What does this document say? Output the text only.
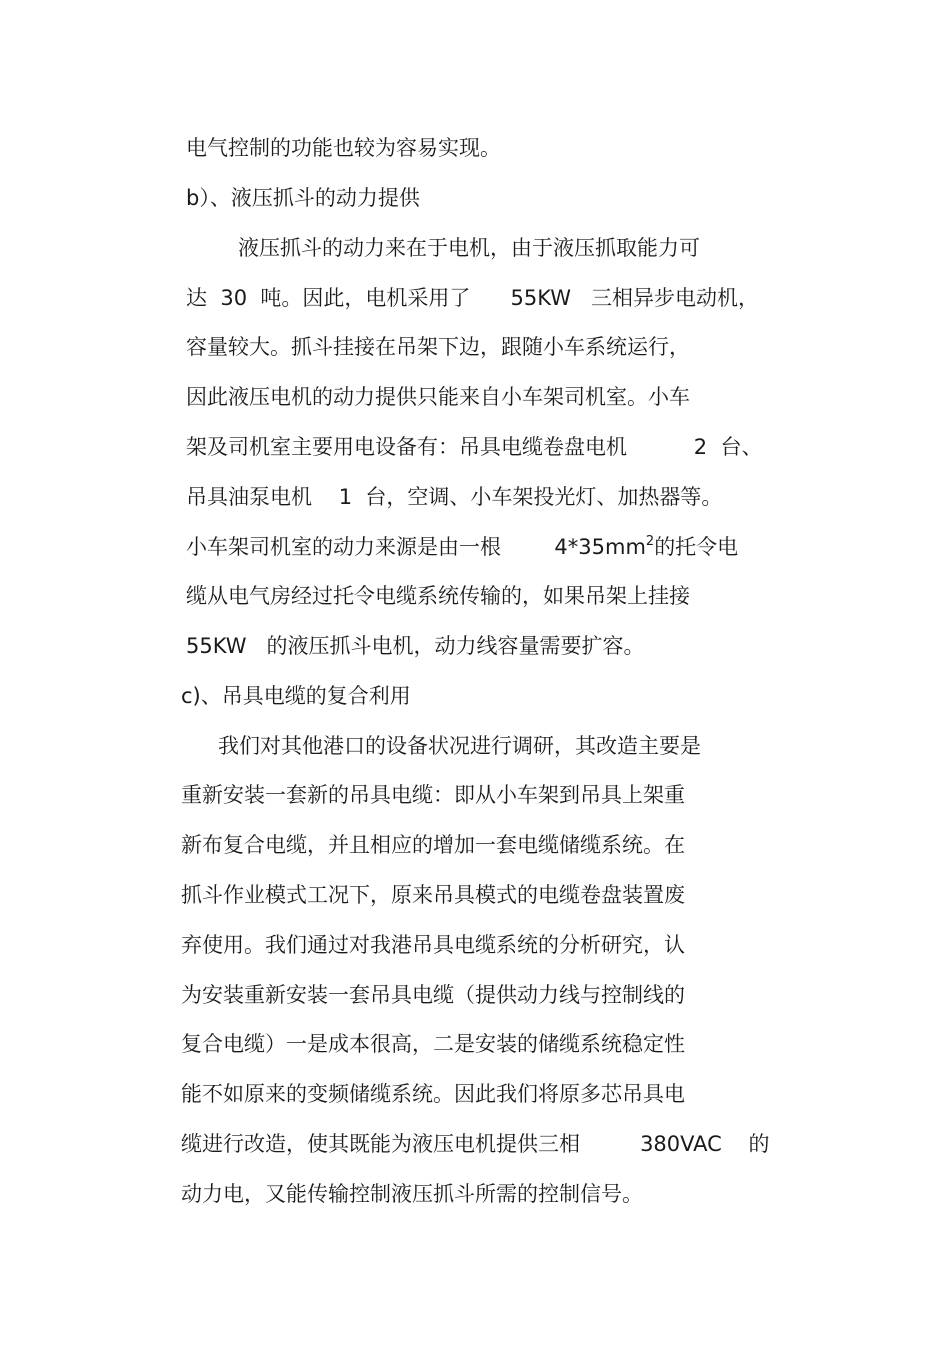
电气控制的功能也较为容易实现。
b）、液压抓斗的动力提供
液压抓斗的动力来在于电机，由于液压抓取能力可
达  30  吨。因此，电机采用了      55KW   三相异步电动机，
容量较大。抓斗挂接在吊架下边，跟随小车系统运行，
因此液压电机的动力提供只能来自小车架司机室。小车
架及司机室主要用电设备有：吊具电缆卷盘电机          2  台、
吊具油泵电机    1  台，空调、小车架投光灯、加热器等。
小车架司机室的动力来源是由一根        $4*35mm^2$的托令电
缆从电气房经过托令电缆系统传输的，如果吊架上挂接
55KW   的液压抓斗电机，动力线容量需要扩容。
c)、吊具电缆的复合利用
我们对其他港口的设备状况进行调研，其改造主要是
重新安装一套新的吊具电缆：即从小车架到吊具上架重
新布复合电缆，并且相应的增加一套电缆储缆系统。在
抓斗作业模式工况下，原来吊具模式的电缆卷盘装置废
弃使用。我们通过对我港吊具电缆系统的分析研究，认
为安装重新安装一套吊具电缆（提供动力线与控制线的
复合电缆）一是成本很高，二是安装的储缆系统稳定性
能不如原来的变频储缆系统。因此我们将原多芯吊具电
缆进行改造，使其既能为液压电机提供三相         380VAC    的
动力电，又能传输控制液压抓斗所需的控制信号。
